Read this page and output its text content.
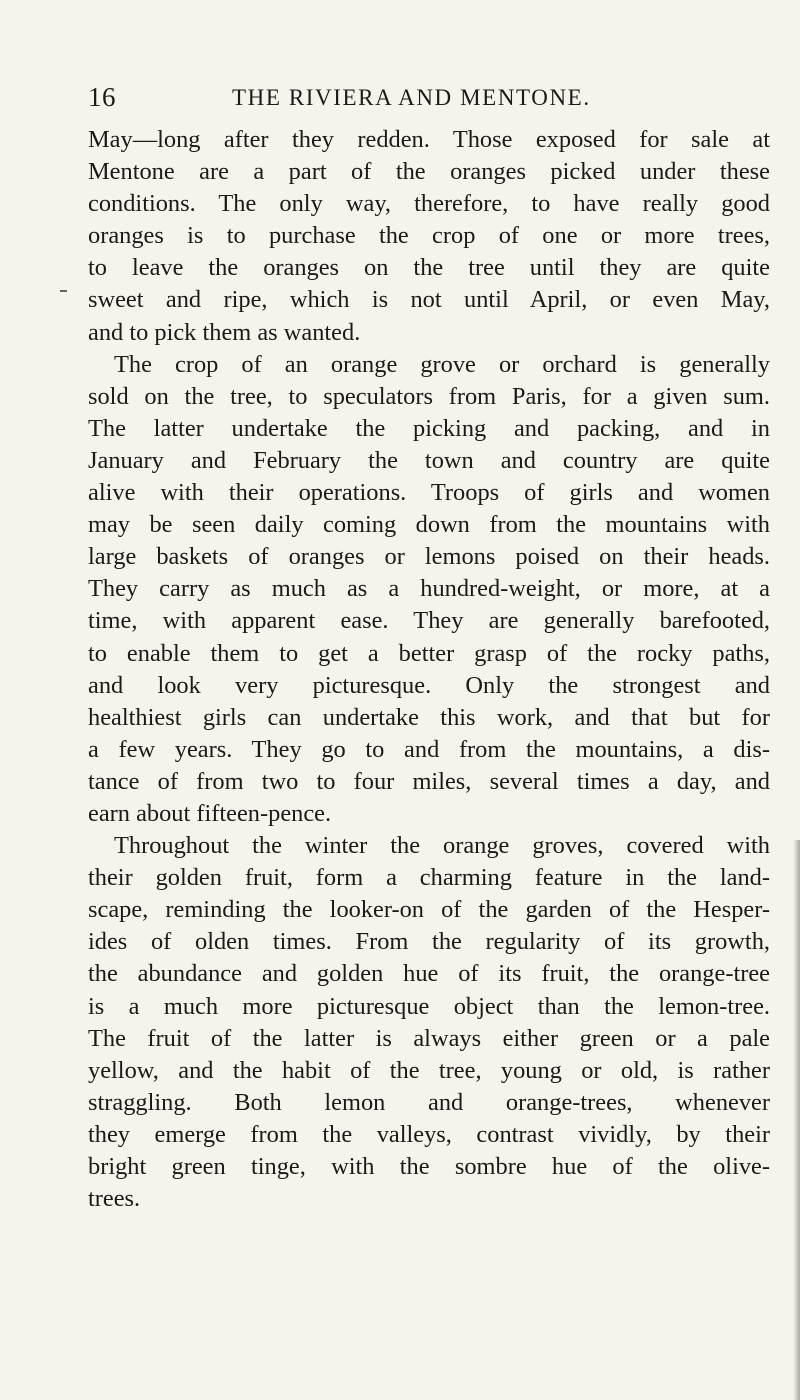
16	THE RIVIERA AND MENTONE.
May—long after they redden. Those exposed for sale at
Mentone are a part of the oranges picked under these
conditions. The only way, therefore, to have really good
oranges is to purchase the crop of one or more trees,
to leave the oranges on the tree until they are quite
sweet and ripe, which is not until April, or even May,
and to pick them as wanted.
The crop of an orange grove or orchard is generally
sold on the tree, to speculators from Paris, for a given sum.
The latter undertake the picking and packing, and in
January and February the town and country are quite
alive with their operations. Troops of girls and women
may be seen daily coming down from the mountains with
large baskets of oranges or lemons poised on their heads.
They carry as much as a hundred-weight, or more, at a
time, with apparent ease. They are generally barefooted,
to enable them to get a better grasp of the rocky paths,
and look very picturesque. Only the strongest and
healthiest girls can undertake this work, and that but for
a few years. They go to and from the mountains, a dis-
tance of from two to four miles, several times a day, and
earn about fifteen-pence.
Throughout the winter the orange groves, covered with
their golden fruit, form a charming feature in the land-
scape, reminding the looker-on of the garden of the Hesper-
ides of olden times. From the regularity of its growth,
the abundance and golden hue of its fruit, the orange-tree
is a much more picturesque object than the lemon-tree.
The fruit of the latter is always either green or a pale
yellow, and the habit of the tree, young or old, is rather
straggling. Both lemon and orange-trees, whenever
they emerge from the valleys, contrast vividly, by their
bright green tinge, with the sombre hue of the olive-
trees.
